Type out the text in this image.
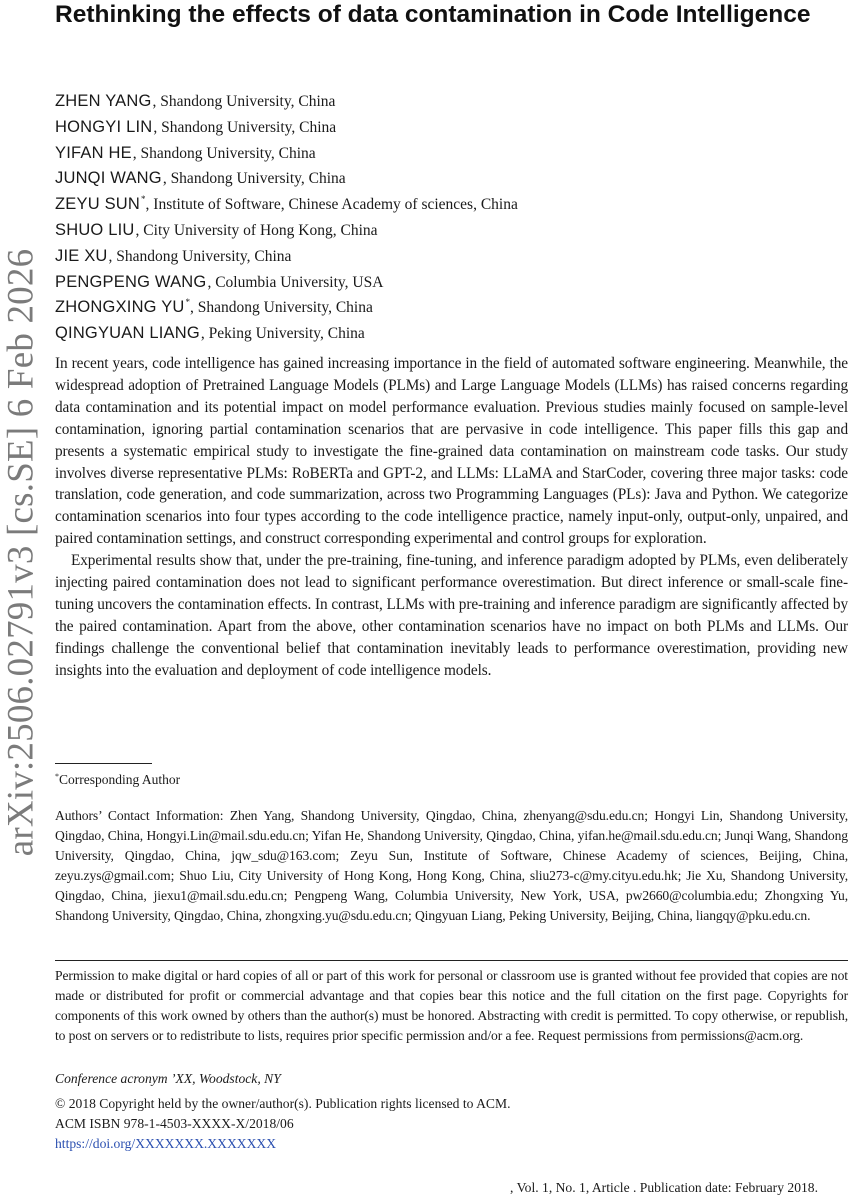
arXiv:2506.02791v3 [cs.SE] 6 Feb 2026
Rethinking the effects of data contamination in Code Intelligence
ZHEN YANG, Shandong University, China
HONGYI LIN, Shandong University, China
YIFAN HE, Shandong University, China
JUNQI WANG, Shandong University, China
ZEYU SUN*, Institute of Software, Chinese Academy of sciences, China
SHUO LIU, City University of Hong Kong, China
JIE XU, Shandong University, China
PENGPENG WANG, Columbia University, USA
ZHONGXING YU*, Shandong University, China
QINGYUAN LIANG, Peking University, China

In recent years, code intelligence has gained increasing importance in the field of automated software engineering. Meanwhile, the widespread adoption of Pretrained Language Models (PLMs) and Large Language Models (LLMs) has raised concerns regarding data contamination and its potential impact on model performance evaluation. Previous studies mainly focused on sample-level contamination, ignoring partial contamination scenarios that are pervasive in code intelligence. This paper fills this gap and presents a systematic empirical study to investigate the fine-grained data contamination on mainstream code tasks. Our study involves diverse representative PLMs: RoBERTa and GPT-2, and LLMs: LLaMA and StarCoder, covering three major tasks: code translation, code generation, and code summarization, across two Programming Languages (PLs): Java and Python. We categorize contamination scenarios into four types according to the code intelligence practice, namely input-only, output-only, unpaired, and paired contamination settings, and construct corresponding experimental and control groups for exploration.

Experimental results show that, under the pre-training, fine-tuning, and inference paradigm adopted by PLMs, even deliberately injecting paired contamination does not lead to significant performance overestimation. But direct inference or small-scale fine-tuning uncovers the contamination effects. In contrast, LLMs with pre-training and inference paradigm are significantly affected by the paired contamination. Apart from the above, other contamination scenarios have no impact on both PLMs and LLMs. Our findings challenge the conventional belief that contamination inevitably leads to performance overestimation, providing new insights into the evaluation and deployment of code intelligence models.

*Corresponding Author
Authors’ Contact Information: Zhen Yang, Shandong University, Qingdao, China, zhenyang@sdu.edu.cn; Hongyi Lin, Shandong University, Qingdao, China, Hongyi.Lin@mail.sdu.edu.cn; Yifan He, Shandong University, Qingdao, China, yifan.he@mail.sdu.edu.cn; Junqi Wang, Shandong University, Qingdao, China, jqw_sdu@163.com; Zeyu Sun, Institute of Software, Chinese Academy of sciences, Beijing, China, zeyu.zys@gmail.com; Shuo Liu, City University of Hong Kong, Hong Kong, China, sliu273-c@my.cityu.edu.hk; Jie Xu, Shandong University, Qingdao, China, jiexu1@mail.sdu.edu.cn; Pengpeng Wang, Columbia University, New York, USA, pw2660@columbia.edu; Zhongxing Yu, Shandong University, Qingdao, China, zhongxing.yu@sdu.edu.cn; Qingyuan Liang, Peking University, Beijing, China, liangqy@pku.edu.cn.
Permission to make digital or hard copies of all or part of this work for personal or classroom use is granted without fee provided that copies are not made or distributed for profit or commercial advantage and that copies bear this notice and the full citation on the first page. Copyrights for components of this work owned by others than the author(s) must be honored. Abstracting with credit is permitted. To copy otherwise, or republish, to post on servers or to redistribute to lists, requires prior specific permission and/or a fee. Request permissions from permissions@acm.org.
Conference acronym ’XX, Woodstock, NY
© 2018 Copyright held by the owner/author(s). Publication rights licensed to ACM.
ACM ISBN 978-1-4503-XXXX-X/2018/06
https://doi.org/XXXXXXX.XXXXXXX
, Vol. 1, No. 1, Article . Publication date: February 2018.
